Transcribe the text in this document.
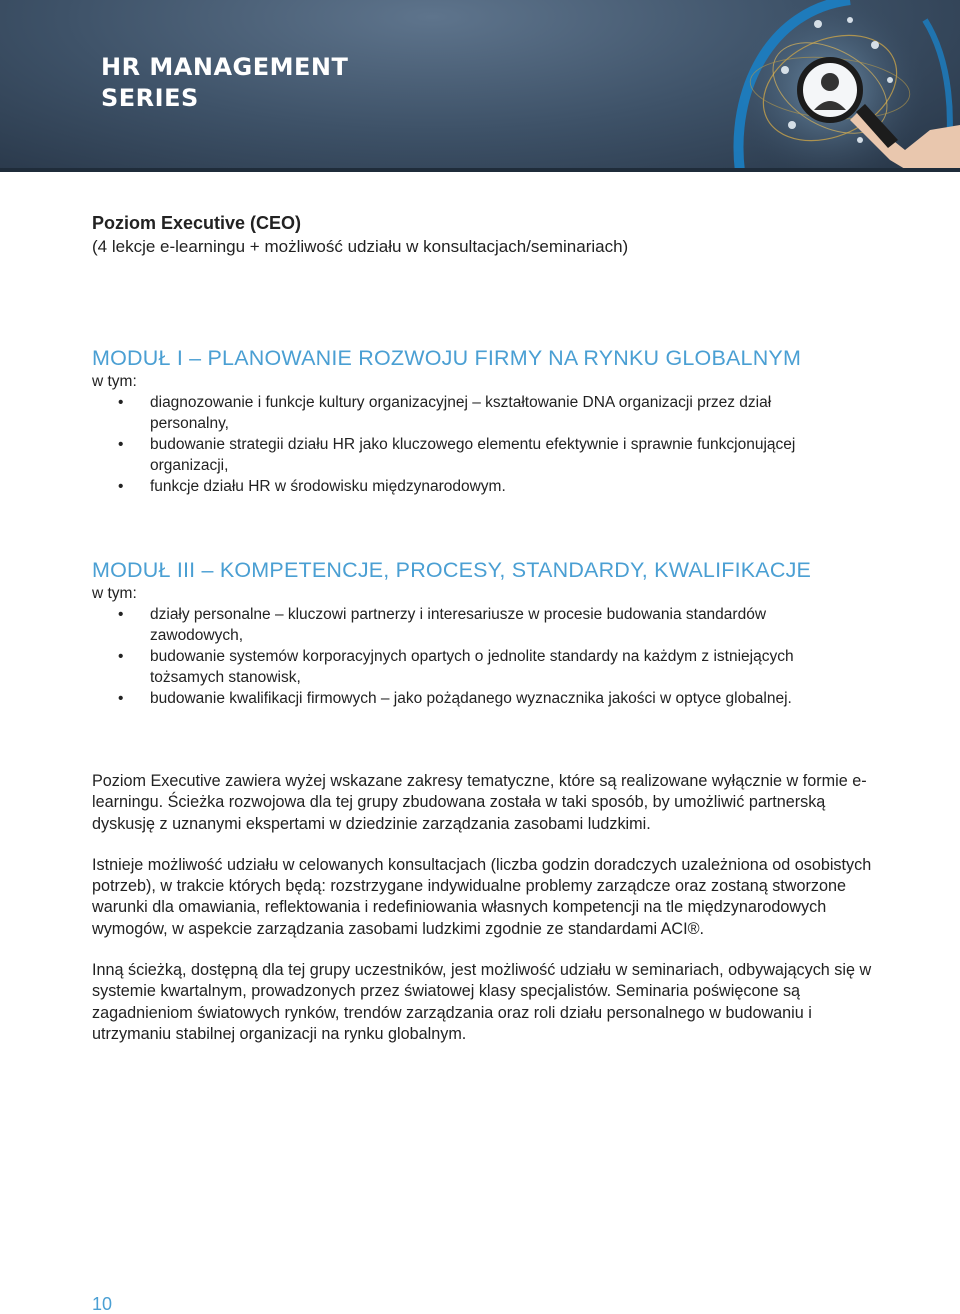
HR MANAGEMENT
SERIES

Poziom Executive (CEO)

(4 lekcje e-learningu + możliwość udziału w konsultacjach/seminariach)

MODUŁ I – PLANOWANIE ROZWOJU FIRMY NA RYNKU GLOBALNYM

w tym:

• diagnozowanie i funkcje kultury organizacyjnej – kształtowanie DNA organizacji przez dział personalny,
• budowanie strategii działu HR jako kluczowego elementu efektywnie i sprawnie funkcjonującej organizacji,
• funkcje działu HR w środowisku międzynarodowym.
MODUŁ III – KOMPETENCJE, PROCESY, STANDARDY, KWALIFIKACJE

w tym:

• działy personalne – kluczowi partnerzy i interesariusze w procesie budowania standardów zawodowych,
• budowanie systemów korporacyjnych opartych o jednolite standardy na każdym z istniejących tożsamych stanowisk,
• budowanie kwalifikacji firmowych – jako pożądanego wyznacznika jakości w optyce globalnej.

Poziom Executive zawiera wyżej wskazane zakresy tematyczne, które są realizowane wyłącznie w formie e-learningu. Ścieżka rozwojowa dla tej grupy zbudowana została w taki sposób, by umożliwić partnerską dyskusję z uznanymi ekspertami w dziedzinie zarządzania zasobami ludzkimi.

Istnieje możliwość udziału w celowanych konsultacjach (liczba godzin doradczych uzależniona od osobistych potrzeb), w trakcie których będą: rozstrzygane indywidualne problemy zarządcze oraz zostaną stworzone warunki dla omawiania, reflektowania i redefiniowania własnych kompetencji na tle międzynarodowych wymogów, w aspekcie zarządzania zasobami ludzkimi zgodnie ze standardami ACI®.

Inną ścieżką, dostępną dla tej grupy uczestników, jest możliwość udziału w seminariach, odbywających się w systemie kwartalnym, prowadzonych przez światowej klasy specjalistów. Seminaria poświęcone są zagadnieniom światowych rynków, trendów zarządzania oraz roli działu personalnego w budowaniu i utrzymaniu stabilnej organizacji na rynku globalnym.

10
